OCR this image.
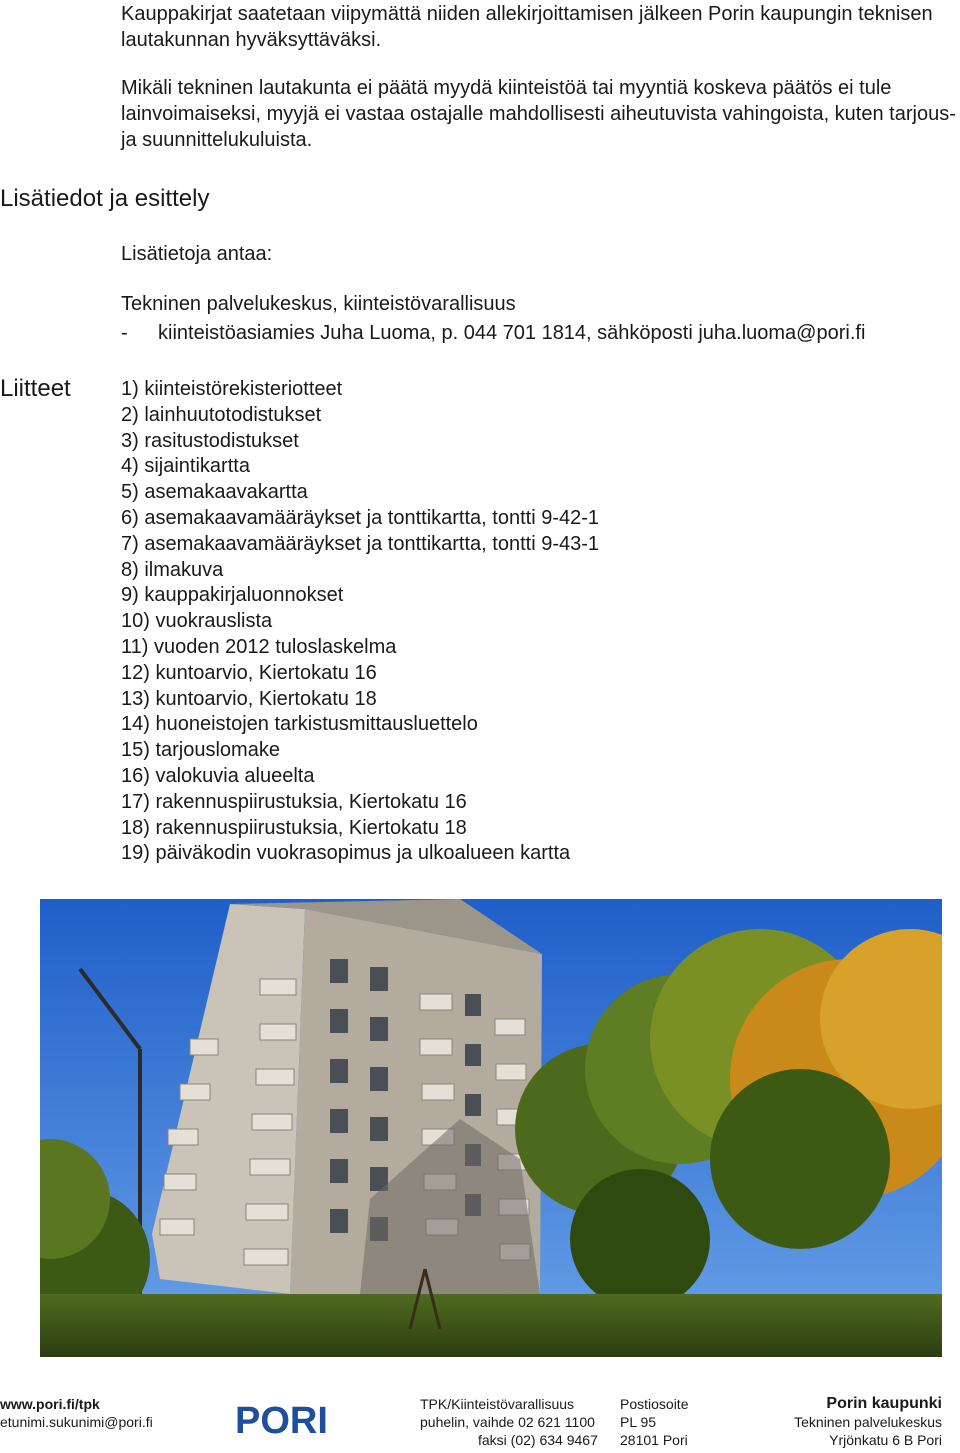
Kauppakirjat saatetaan viipymättä niiden allekirjoittamisen jälkeen Porin kaupungin teknisen lautakunnan hyväksyttäväksi.

Mikäli tekninen lautakunta ei päätä myydä kiinteistöä tai myyntiä koskeva päätös ei tule lainvoimaiseksi, myyjä ei vastaa ostajalle mahdollisesti aiheutuvista vahingoista, kuten tarjous- ja suunnittelukuluista.

Lisätiedot ja esittely
Lisätietoja antaa:
Tekninen palvelukeskus, kiinteistövarallisuus
- kiinteistöasiamies Juha Luoma, p. 044 701 1814, sähköposti juha.luoma@pori.fi
Liitteet	1) kiinteistörekisteriotteet
2) lainhuutotodistukset
3) rasitustodistukset
4) sijaintikartta
5) asemakaavakartta
6) asemakaavamääräykset ja tonttikartta, tontti 9-42-1
7) asemakaavamääräykset ja tonttikartta, tontti 9-43-1
8) ilmakuva
9) kauppakirjaluonnokset
10) vuokrauslista
11) vuoden 2012 tuloslaskelma
12) kuntoarvio, Kiertokatu 16
13) kuntoarvio, Kiertokatu 18
14) huoneistojen tarkistusmittausluettelo
15) tarjouslomake
16) valokuvia alueelta
17) rakennuspiirustuksia, Kiertokatu 16
18) rakennuspiirustuksia, Kiertokatu 18
19) päiväkodin vuokrasopimus ja ulkoalueen kartta
www.pori.fi/tpk
etunimi.sukunimi@pori.fi PORI	TPK/Kiinteistövarallisuus
puhelin, vaihde 02 621 1100
faksi (02) 634 9467
Postiosoite
PL 95
28101 Pori
Porin kaupunki
Tekninen palvelukeskus
Yrjönkatu 6 B Pori
